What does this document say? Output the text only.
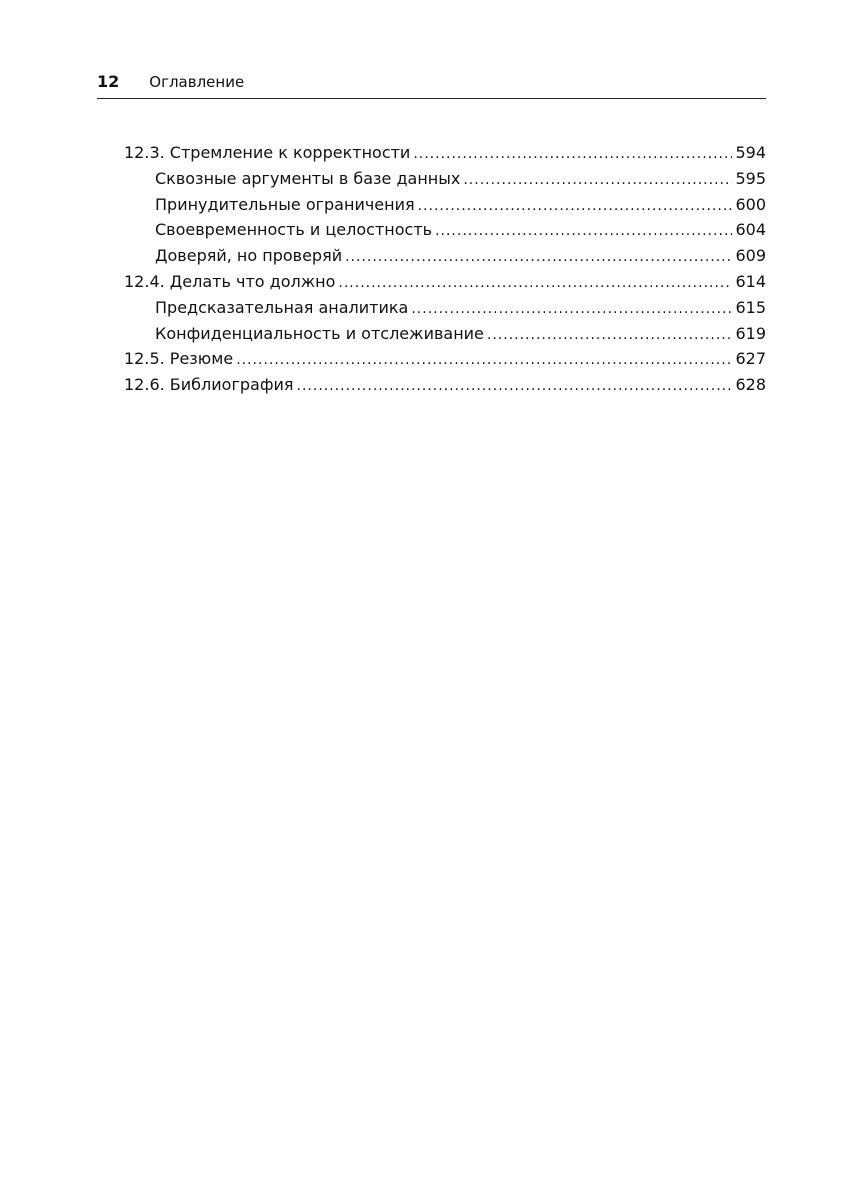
12 Оглавление
12.3. Стремление к корректности .....	594
Сквозные аргументы в базе данных .....	595
Принудительные ограничения .....	600
Своевременность и целостность .....	604
Доверяй, но проверяй .....	609
12.4. Делать что должно .....	614
Предсказательная аналитика .....	615
Конфиденциальность и отслеживание .....	619
12.5. Резюме .....	627
12.6. Библиография .....	628
